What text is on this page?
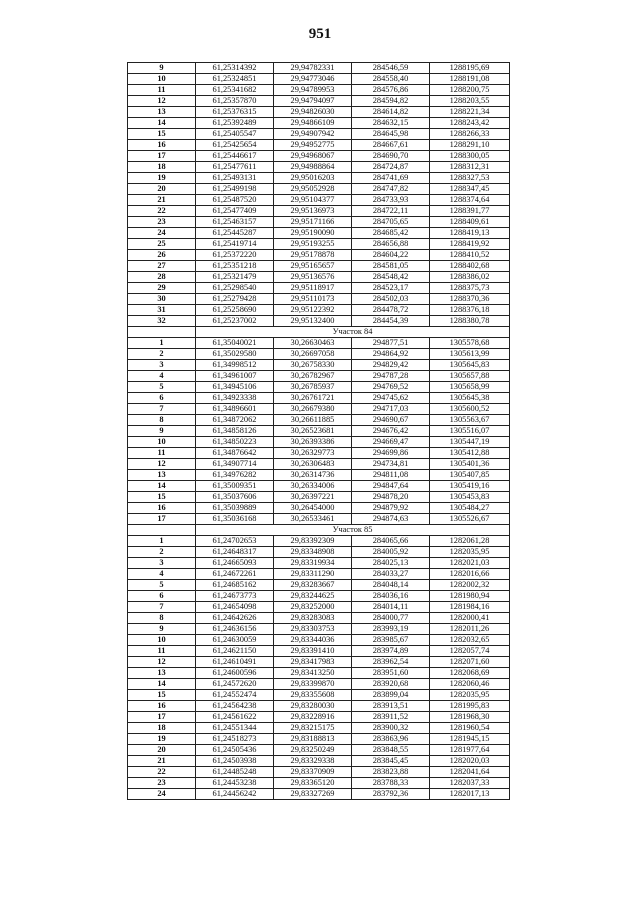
951
9	61,25314392	29,94782331	284546,59	1288195,69
10	61,25324851	29,94773046	284558,40	1288191,08
11	61,25341682	29,94789953	284576,86	1288200,75
12	61,25357870	29,94794097	284594,82	1288203,55
13	61,25376315	29,94826030	284614,82	1288221,34
14	61,25392489	29,94866109	284632,15	1288243,42
15	61,25405547	29,94907942	284645,98	1288266,33
16	61,25425654	29,94952775	284667,61	1288291,10
17	61,25446617	29,94968067	284690,70	1288300,05
18	61,25477611	29,94988864	284724,87	1288312,31
19	61,25493131	29,95016203	284741,69	1288327,53
20	61,25499198	29,95052928	284747,82	1288347,45
21	61,25487520	29,95104377	284733,93	1288374,64
22	61,25477409	29,95136973	284722,11	1288391,77
23	61,25463157	29,95171166	284705,65	1288409,61
24	61,25445287	29,95190090	284685,42	1288419,13
25	61,25419714	29,95193255	284656,88	1288419,92
26	61,25372220	29,95178878	284604,22	1288410,52
27	61,25351218	29,95165657	284581,05	1288402,68
28	61,25321479	29,95136576	284548,42	1288386,02
29	61,25298540	29,95118917	284523,17	1288375,73
30	61,25279428	29,95110173	284502,03	1288370,36
31	61,25258690	29,95122392	284478,72	1288376,18
32	61,25237002	29,95132400	284454,39	1288380,78
	Участок 84			
1	61,35040021	30,26630463	294877,51	1305578,68
2	61,35029580	30,26697058	294864,92	1305613,99
3	61,34998512	30,26758330	294829,42	1305645,83
4	61,34961007	30,26782967	294787,28	1305657,88
5	61,34945106	30,26785937	294769,52	1305658,99
6	61,34923338	30,26761721	294745,62	1305645,38
7	61,34896601	30,26679380	294717,03	1305600,52
8	61,34872062	30,26611885	294690,67	1305563,67
9	61,34858126	30,26523681	294676,42	1305516,07
10	61,34850223	30,26393386	294669,47	1305447,19
11	61,34876642	30,26329773	294699,86	1305412,88
12	61,34907714	30,26306483	294734,81	1305401,36
13	61,34976282	30,26314736	294811,08	1305407,85
14	61,35009351	30,26334006	294847,64	1305419,16
15	61,35037606	30,26397221	294878,20	1305453,83
16	61,35039889	30,26454000	294879,92	1305484,27
17	61,35036168	30,26533461	294874,63	1305526,67
	Участок 85			
1	61,24702653	29,83392309	284065,66	1282061,28
2	61,24648317	29,83348908	284005,92	1282035,95
3	61,24665093	29,83319934	284025,13	1282021,03
4	61,24672261	29,83311290	284033,27	1282016,66
5	61,24685162	29,83283667	284048,14	1282002,32
6	61,24673773	29,83244625	284036,16	1281980,94
7	61,24654098	29,83252000	284014,11	1281984,16
8	61,24642626	29,83283083	284000,77	1282000,41
9	61,24636156	29,83303753	283993,19	1282011,26
10	61,24630059	29,83344036	283985,67	1282032,65
11	61,24621150	29,83391410	283974,89	1282057,74
12	61,24610491	29,83417983	283962,54	1282071,60
13	61,24600596	29,83413250	283951,60	1282068,69
14	61,24572620	29,83399870	283920,68	1282060,46
15	61,24552474	29,83355608	283899,04	1282035,95
16	61,24564238	29,83280030	283913,51	1281995,83
17	61,24561622	29,83228916	283911,52	1281968,30
18	61,24551344	29,83215175	283900,32	1281960,54
19	61,24518273	29,83188813	283863,96	1281945,15
20	61,24505436	29,83250249	283848,55	1281977,64
21	61,24503938	29,83329338	283845,45	1282020,03
22	61,24485248	29,83370909	283823,88	1282041,64
23	61,24453238	29,83365120	283788,33	1282037,33
24	61,24456242	29,83327269	283792,36	1282017,13
